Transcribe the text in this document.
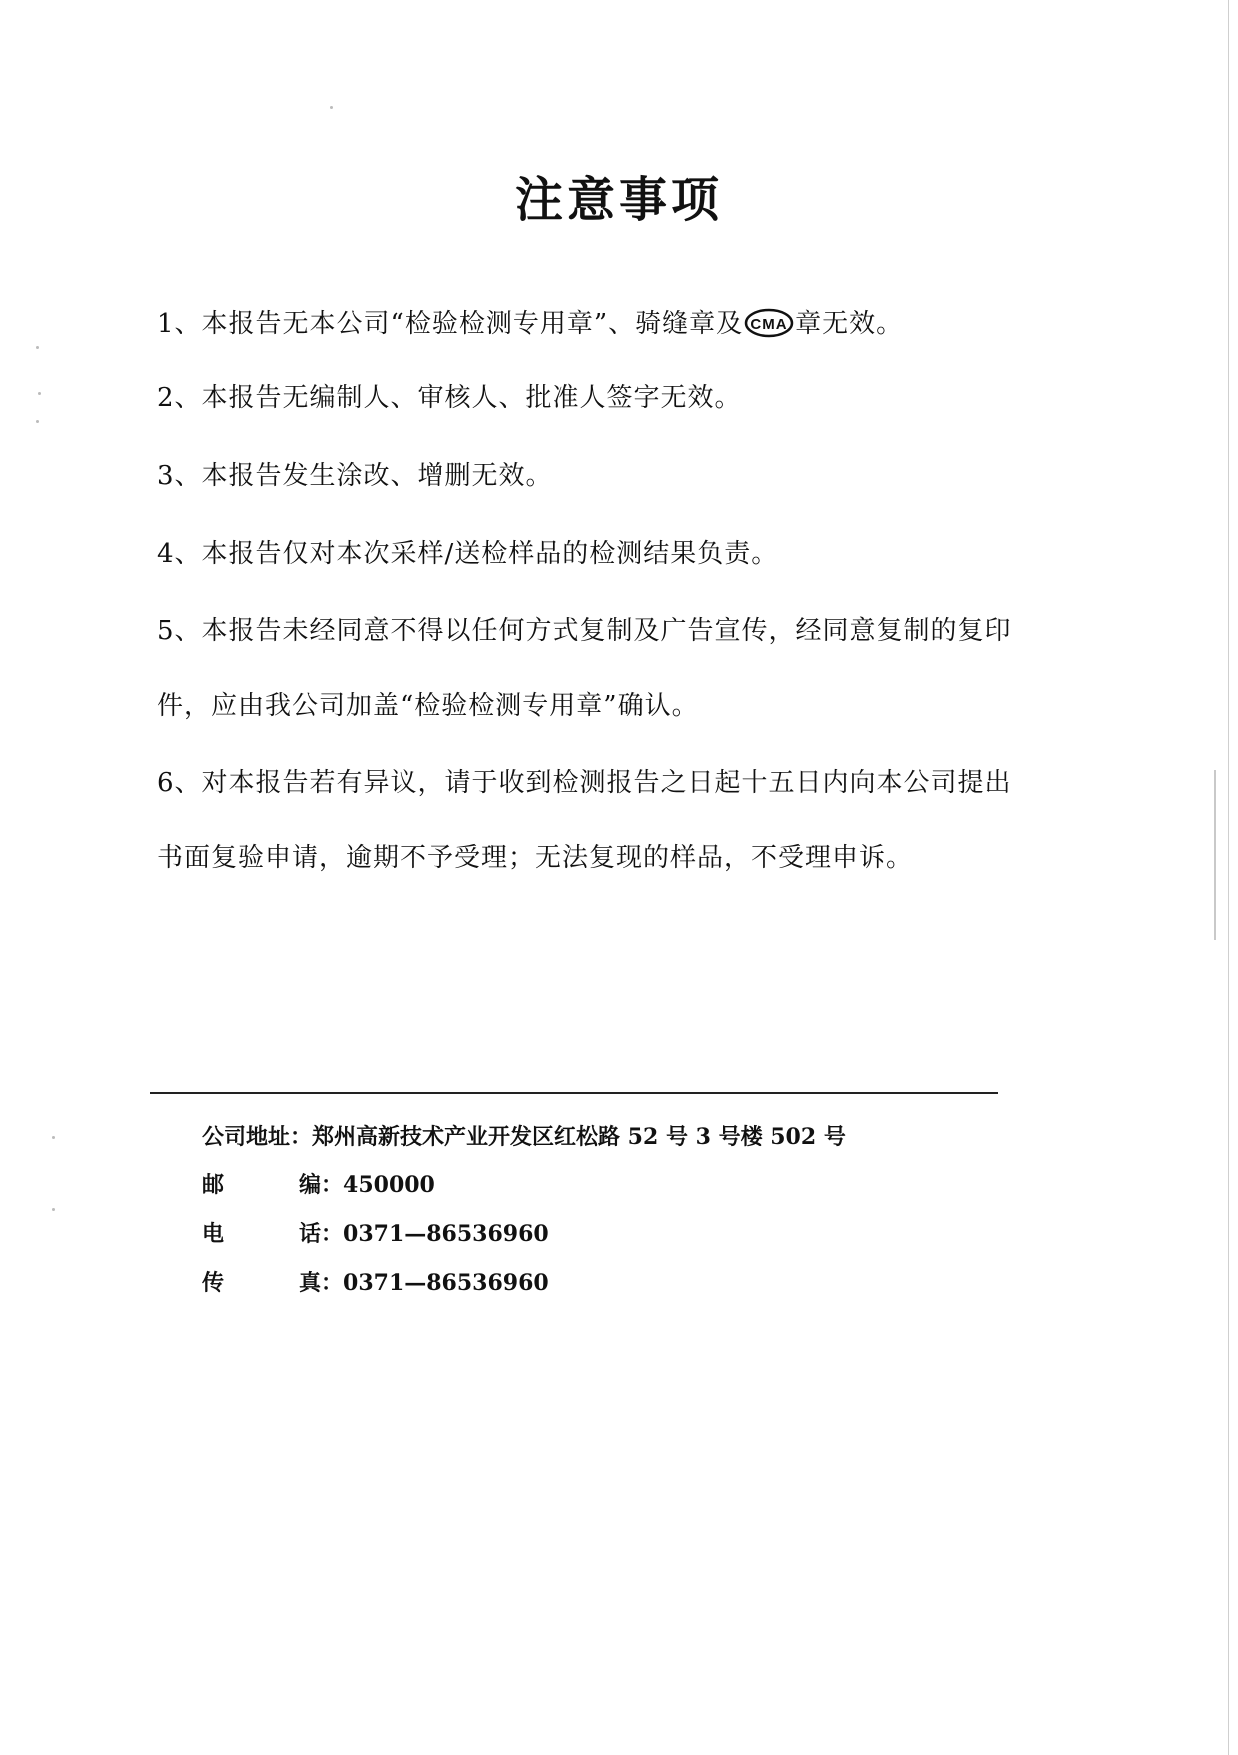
注意事项
1、本报告无本公司“检验检测专用章”、骑缝章及 CMA 章无效。
2、本报告无编制人、审核人、批准人签字无效。
3、本报告发生涂改、增删无效。
4、本报告仅对本次采样/送检样品的检测结果负责。
5、本报告未经同意不得以任何方式复制及广告宣传，经同意复制的复印
件，应由我公司加盖“检验检测专用章”确认。
6、对本报告若有异议，请于收到检测报告之日起十五日内向本公司提出
书面复验申请，逾期不予受理；无法复现的样品，不受理申诉。
公司地址：郑州高新技术产业开发区红松路 52 号 3 号楼 502 号
邮	编：450000
电	话：0371—86536960
传	真：0371—86536960
